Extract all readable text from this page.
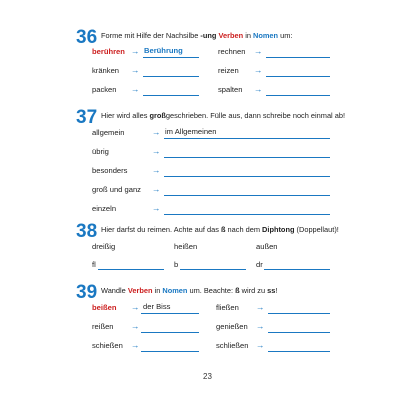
36 Forme mit Hilfe der Nachsilbe -ung Verben in Nomen um:
berühren → Berührung	rechnen →
kränken →	reizen →
packen →	spalten →
37 Hier wird alles großgeschrieben. Fülle aus, dann schreibe noch einmal ab!
allgemein	→ im Allgemeinen
übrig	→
besonders	→
groß und ganz →
einzeln	→
38 Hier darfst du reimen. Achte auf das ß nach dem Diphtong (Doppellaut)!
dreißig	heißen	außen
fl	b	dr
39 Wandle Verben in Nomen um. Beachte: ß wird zu ss!
beißen → der Biss	fließen →
reißen →	genießen →
schießen →	schließen →
23
